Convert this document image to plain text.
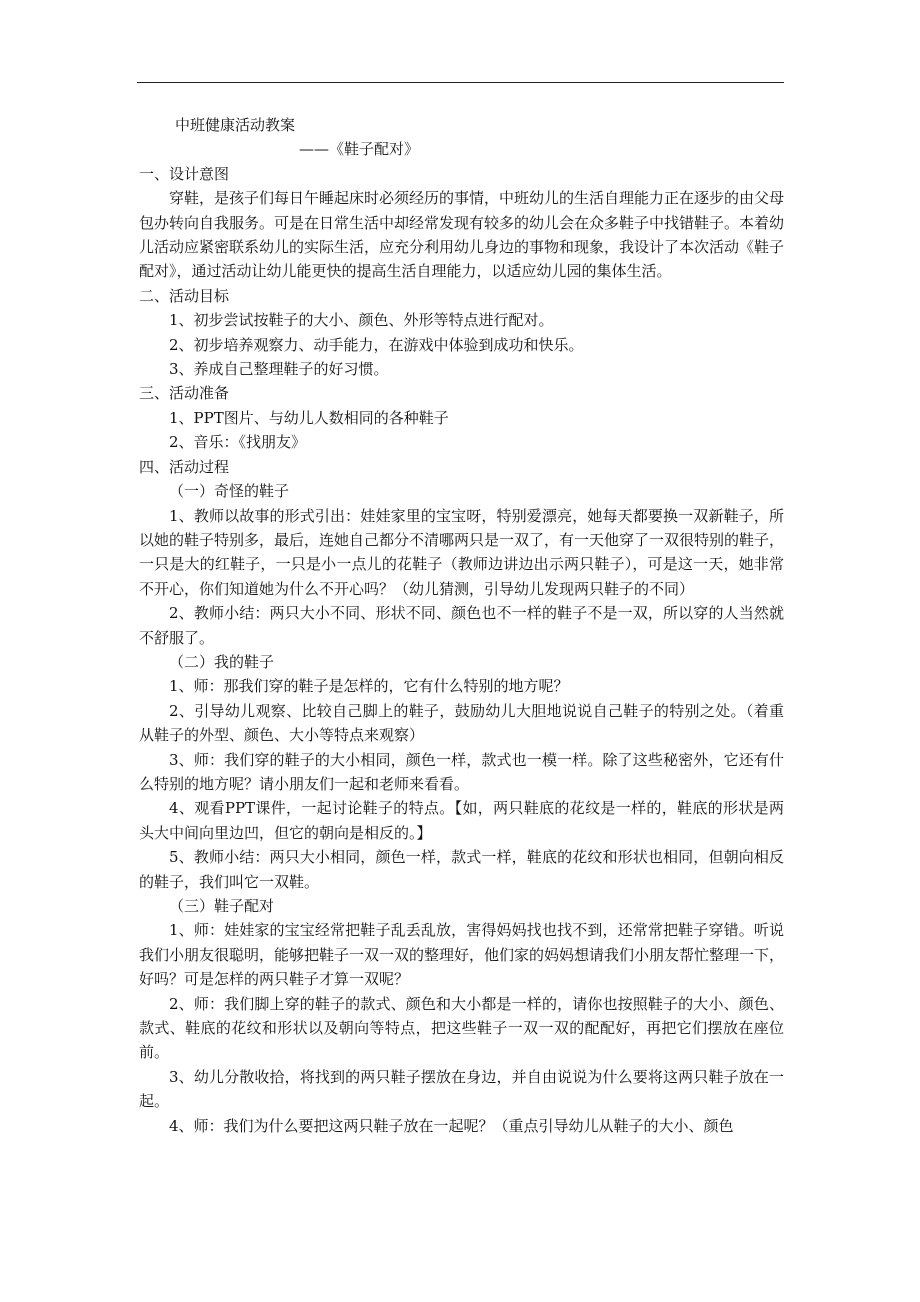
中班健康活动教案

——《鞋子配对》

一、设计意图

穿鞋，是孩子们每日午睡起床时必须经历的事情，中班幼儿的生活自理能力正在逐步的由父母包办转向自我服务。可是在日常生活中却经常发现有较多的幼儿会在众多鞋子中找错鞋子。本着幼儿活动应紧密联系幼儿的实际生活，应充分利用幼儿身边的事物和现象，我设计了本次活动《鞋子配对》，通过活动让幼儿能更快的提高生活自理能力，以适应幼儿园的集体生活。

二、活动目标

1、初步尝试按鞋子的大小、颜色、外形等特点进行配对。

2、初步培养观察力、动手能力，在游戏中体验到成功和快乐。

3、养成自己整理鞋子的好习惯。

三、活动准备

1、PPT图片、与幼儿人数相同的各种鞋子

2、音乐：《找朋友》

四、活动过程

（一）奇怪的鞋子

1、教师以故事的形式引出：娃娃家里的宝宝呀，特别爱漂亮，她每天都要换一双新鞋子，所以她的鞋子特别多，最后，连她自己都分不清哪两只是一双了，有一天他穿了一双很特别的鞋子，一只是大的红鞋子，一只是小一点儿的花鞋子（教师边讲边出示两只鞋子），可是这一天，她非常不开心，你们知道她为什么不开心吗？（幼儿猜测，引导幼儿发现两只鞋子的不同）

2、教师小结：两只大小不同、形状不同、颜色也不一样的鞋子不是一双，所以穿的人当然就不舒服了。

（二）我的鞋子

1、师：那我们穿的鞋子是怎样的，它有什么特别的地方呢？

2、引导幼儿观察、比较自己脚上的鞋子，鼓励幼儿大胆地说说自己鞋子的特别之处。（着重从鞋子的外型、颜色、大小等特点来观察）

3、师：我们穿的鞋子的大小相同，颜色一样，款式也一模一样。除了这些秘密外，它还有什么特别的地方呢？请小朋友们一起和老师来看看。

4、观看PPT课件，一起讨论鞋子的特点。【如，两只鞋底的花纹是一样的，鞋底的形状是两头大中间向里边凹，但它的朝向是相反的。】

5、教师小结：两只大小相同，颜色一样，款式一样，鞋底的花纹和形状也相同，但朝向相反的鞋子，我们叫它一双鞋。

（三）鞋子配对

1、师：娃娃家的宝宝经常把鞋子乱丢乱放，害得妈妈找也找不到，还常常把鞋子穿错。听说我们小朋友很聪明，能够把鞋子一双一双的整理好，他们家的妈妈想请我们小朋友帮忙整理一下，好吗？可是怎样的两只鞋子才算一双呢？

2、师：我们脚上穿的鞋子的款式、颜色和大小都是一样的，请你也按照鞋子的大小、颜色、款式、鞋底的花纹和形状以及朝向等特点，把这些鞋子一双一双的配配好，再把它们摆放在座位前。

3、幼儿分散收拾，将找到的两只鞋子摆放在身边，并自由说说为什么要将这两只鞋子放在一起。

4、师：我们为什么要把这两只鞋子放在一起呢？（重点引导幼儿从鞋子的大小、颜色
